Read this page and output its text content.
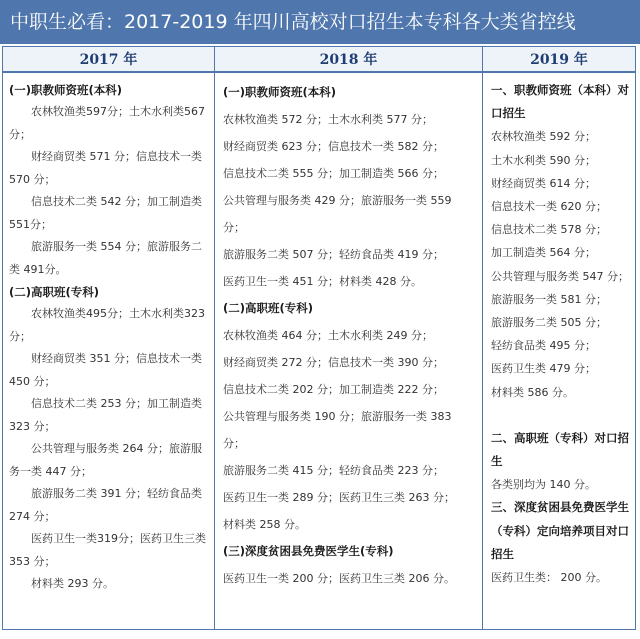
中职生必看：2017-2019 年四川高校对口招生本专科各大类省控线
2017 年
(一)职教师资班(本科)
农林牧渔类597分；土木水利类567分；
财经商贸类 571 分；信息技术一类 570 分；
信息技术二类 542 分；加工制造类 551分；
旅游服务一类 554 分；旅游服务二类 491分。
(二)高职班(专科)
农林牧渔类495分；土木水利类323分；
财经商贸类 351 分；信息技术一类 450 分；
信息技术二类 253 分；加工制造类 323 分；
公共管理与服务类 264 分；旅游服务一类 447 分；
旅游服务二类 391 分；轻纺食品类 274 分；
医药卫生一类319分；医药卫生三类 353 分；
材料类 293 分。
2018 年
(一)职教师资班(本科)
农林牧渔类 572 分；土木水利类 577 分；
财经商贸类 623 分；信息技术一类 582 分；
信息技术二类 555 分；加工制造类 566 分；
公共管理与服务类 429 分；旅游服务一类 559 分；
旅游服务二类 507 分；轻纺食品类 419 分；
医药卫生一类 451 分；材料类 428 分。
(二)高职班(专科)
农林牧渔类 464 分；土木水利类 249 分；
财经商贸类 272 分；信息技术一类 390 分；
信息技术二类 202 分；加工制造类 222 分；
公共管理与服务类 190 分；旅游服务一类 383 分；
旅游服务二类 415 分；轻纺食品类 223 分；
医药卫生一类 289 分；医药卫生三类 263 分；
材料类 258 分。
(三)深度贫困县免费医学生(专科)
医药卫生一类 200 分；医药卫生三类 206 分。
2019 年
一、职教师资班（本科）对口招生
农林牧渔类 592 分；
土木水利类 590 分；
财经商贸类 614 分；
信息技术一类 620 分；
信息技术二类 578 分；
加工制造类 564 分；
公共管理与服务类 547 分；
旅游服务一类 581 分；
旅游服务二类 505 分；
轻纺食品类 495 分；
医药卫生类 479 分；
材料类 586 分。
二、高职班（专科）对口招生
各类别均为 140 分。
三、深度贫困县免费医学生（专科）定向培养项目对口招生
医药卫生类： 200 分。
